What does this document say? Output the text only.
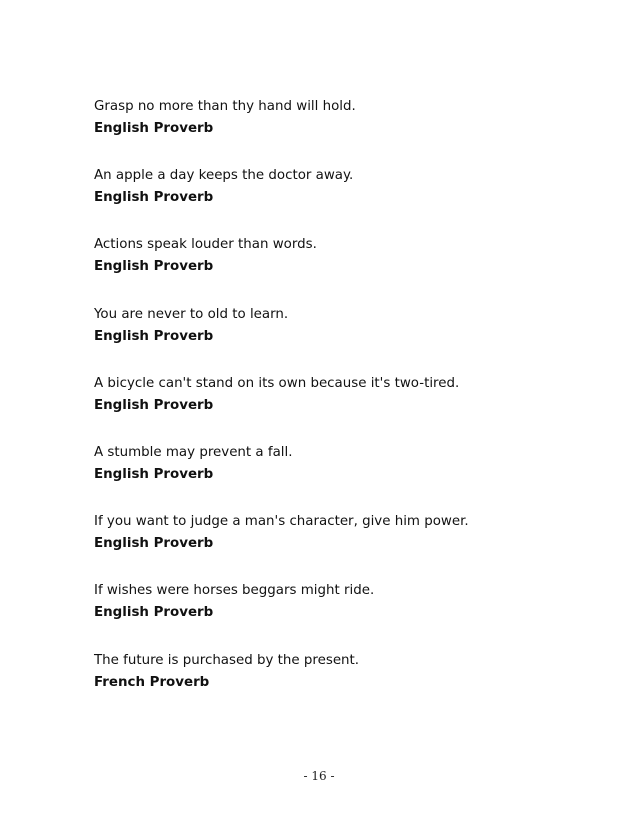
Grasp no more than thy hand will hold.
English Proverb
An apple a day keeps the doctor away.
English Proverb
Actions speak louder than words.
English Proverb
You are never to old to learn.
English Proverb
A bicycle can't stand on its own because it's two-tired.
English Proverb
A stumble may prevent a fall.
English Proverb
If you want to judge a man's character, give him power.
English Proverb
If wishes were horses beggars might ride.
English Proverb
The future is purchased by the present.
French Proverb
- 16 -
